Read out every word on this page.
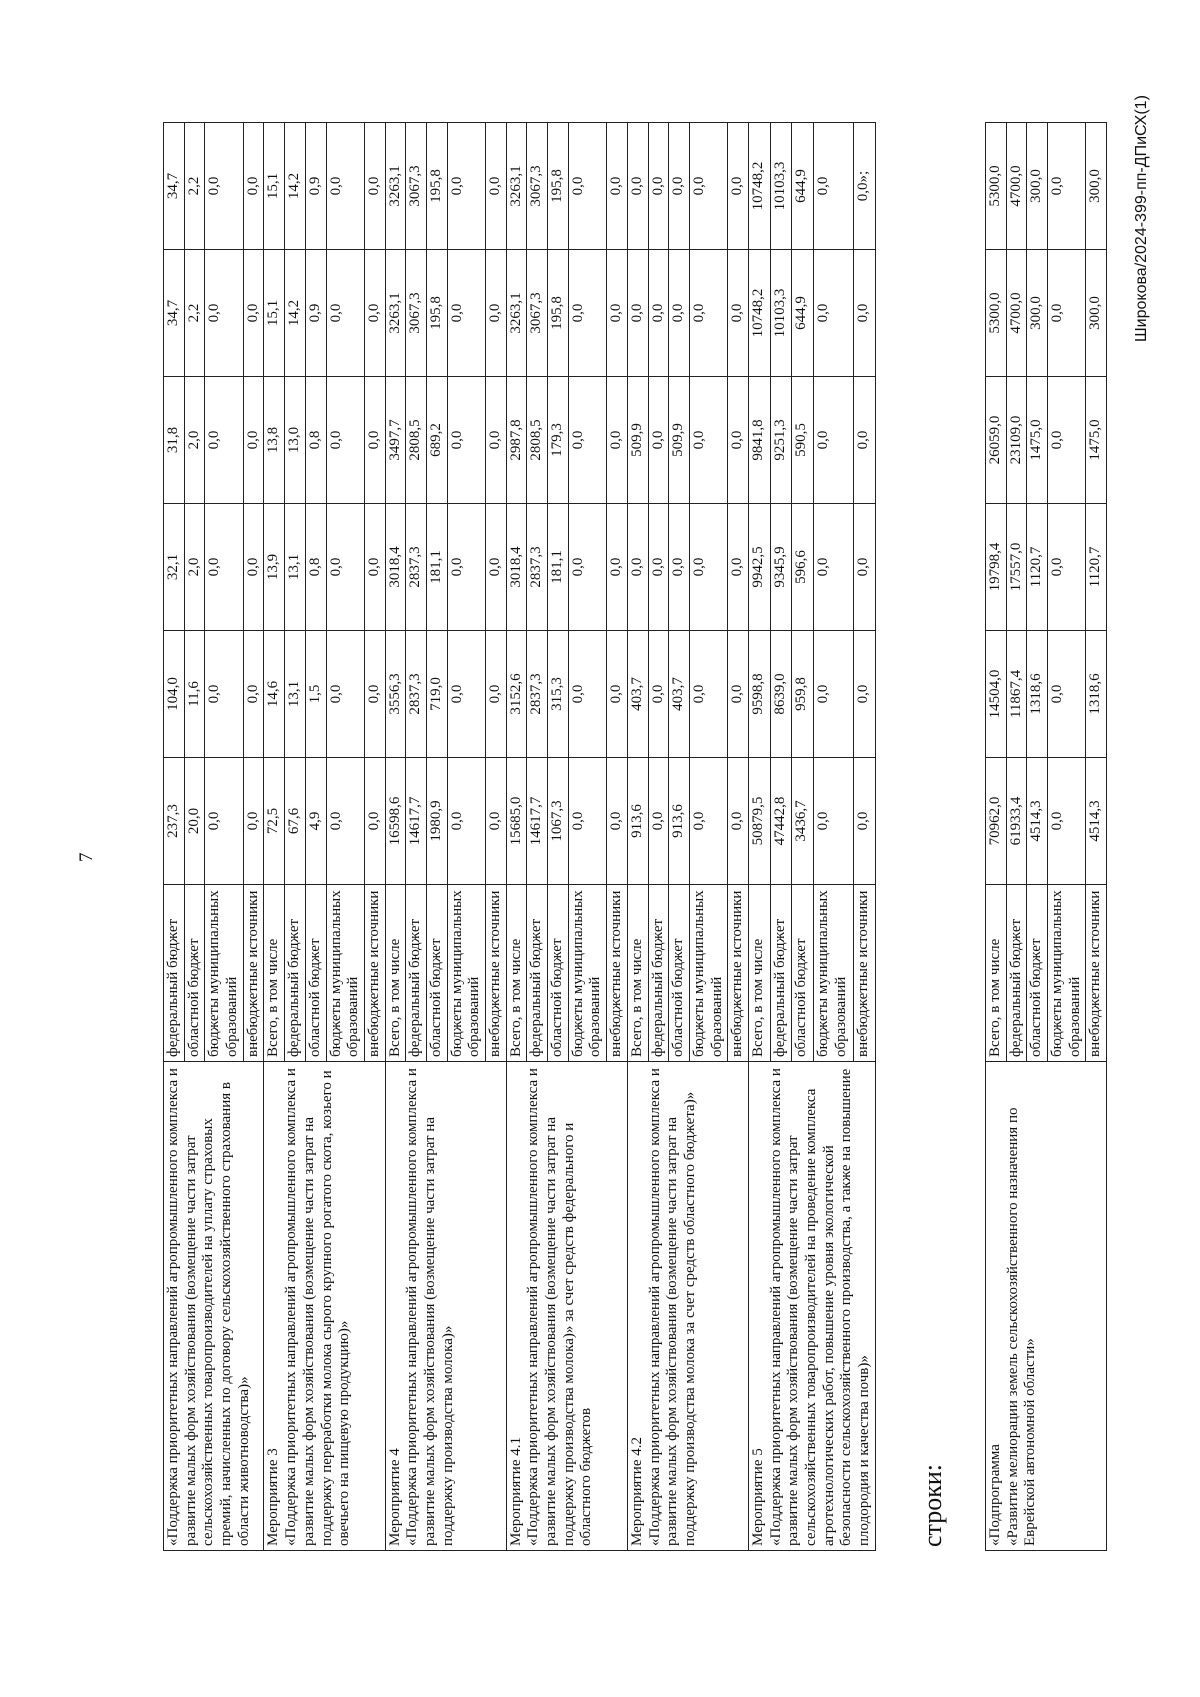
7
Широкова/2024-399-пп-ДПиСХ(1)
строки:
«Поддержка приоритетных направлений агропромышленного комплекса и развитие малых форм хозяйствования (возмещение части затрат сельскохозяйственных товаропроизводителей на уплату страховых премий, начисленных по договору сельскохозяйственного страхования в области животноводства)»	федеральный бюджет	237,3	104,0	32,1	31,8	34,7	34,7
	областной бюджет	20,0	11,6	2,0	2,0	2,2	2,2
	бюджеты муниципальных образований	0,0	0,0	0,0	0,0	0,0	0,0
	внебюджетные источники	0,0	0,0	0,0	0,0	0,0	0,0

Мероприятие 3 «Поддержка приоритетных направлений агропромышленного комплекса и развитие малых форм хозяйствования (возмещение части затрат на поддержку переработки молока сырого крупного рогатого скота, козьего и овечьего на пищевую продукцию)»	Всего, в том числе	72,5	14,6	13,9	13,8	15,1	15,1
	федеральный бюджет	67,6	13,1	13,1	13,0	14,2	14,2
	областной бюджет	4,9	1,5	0,8	0,8	0,9	0,9
	бюджеты муниципальных образований	0,0	0,0	0,0	0,0	0,0	0,0
	внебюджетные источники	0,0	0,0	0,0	0,0	0,0	0,0

Мероприятие 4 «Поддержка приоритетных направлений агропромышленного комплекса и развитие малых форм хозяйствования (возмещение части затрат на поддержку производства молока)»	Всего, в том числе	16598,6	3556,3	3018,4	3497,7	3263,1	3263,1
	федеральный бюджет	14617,7	2837,3	2837,3	2808,5	3067,3	3067,3
	областной бюджет	1980,9	719,0	181,1	689,2	195,8	195,8
	бюджеты муниципальных образований	0,0	0,0	0,0	0,0	0,0	0,0
	внебюджетные источники	0,0	0,0	0,0	0,0	0,0	0,0

Мероприятие 4.1 «Поддержка приоритетных направлений агропромышленного комплекса и развитие малых форм хозяйствования (возмещение части затрат на поддержку производства молока)» за счет средств федерального и областного бюджетов	Всего, в том числе	15685,0	3152,6	3018,4	2987,8	3263,1	3263,1
	федеральный бюджет	14617,7	2837,3	2837,3	2808,5	3067,3	3067,3
	областной бюджет	1067,3	315,3	181,1	179,3	195,8	195,8
	бюджеты муниципальных образований	0,0	0,0	0,0	0,0	0,0	0,0
	внебюджетные источники	0,0	0,0	0,0	0,0	0,0	0,0

Мероприятие 4.2 «Поддержка приоритетных направлений агропромышленного комплекса и развитие малых форм хозяйствования (возмещение части затрат на поддержку производства молока за счет средств областного бюджета)»	Всего, в том числе	913,6	403,7	0,0	509,9	0,0	0,0
	федеральный бюджет	0,0	0,0	0,0	0,0	0,0	0,0
	областной бюджет	913,6	403,7	0,0	509,9	0,0	0,0
	бюджеты муниципальных образований	0,0	0,0	0,0	0,0	0,0	0,0
	внебюджетные источники	0,0	0,0	0,0	0,0	0,0	0,0

Мероприятие 5 «Поддержка приоритетных направлений агропромышленного комплекса и развитие малых форм хозяйствования (возмещение части затрат сельскохозяйственных товаропроизводителей на проведение комплекса агротехнологических работ, повышение уровня экологической безопасности сельскохозяйственного производства, а также на повышение плодородия и качества почв)»	Всего, в том числе	50879,5	9598,8	9942,5	9841,8	10748,2	10748,2
	федеральный бюджет	47442,8	8639,0	9345,9	9251,3	10103,3	10103,3
	областной бюджет	3436,7	959,8	596,6	590,5	644,9	644,9
	бюджеты муниципальных образований	0,0	0,0	0,0	0,0	0,0	0,0
	внебюджетные источники	0,0	0,0	0,0	0,0	0,0	0,0»;
«Подпрограмма «Развитие мелиорации земель сельскохозяйственного назначения по Еврейской автономной области»	Всего, в том числе	70962,0	14504,0	19798,4	26059,0	5300,0	5300,0
	федеральный бюджет	61933,4	11867,4	17557,0	23109,0	4700,0	4700,0
	областной бюджет	4514,3	1318,6	1120,7	1475,0	300,0	300,0
	бюджеты муниципальных образований	0,0	0,0	0,0	0,0	0,0	0,0
	внебюджетные источники	4514,3	1318,6	1120,7	1475,0	300,0	300,0
